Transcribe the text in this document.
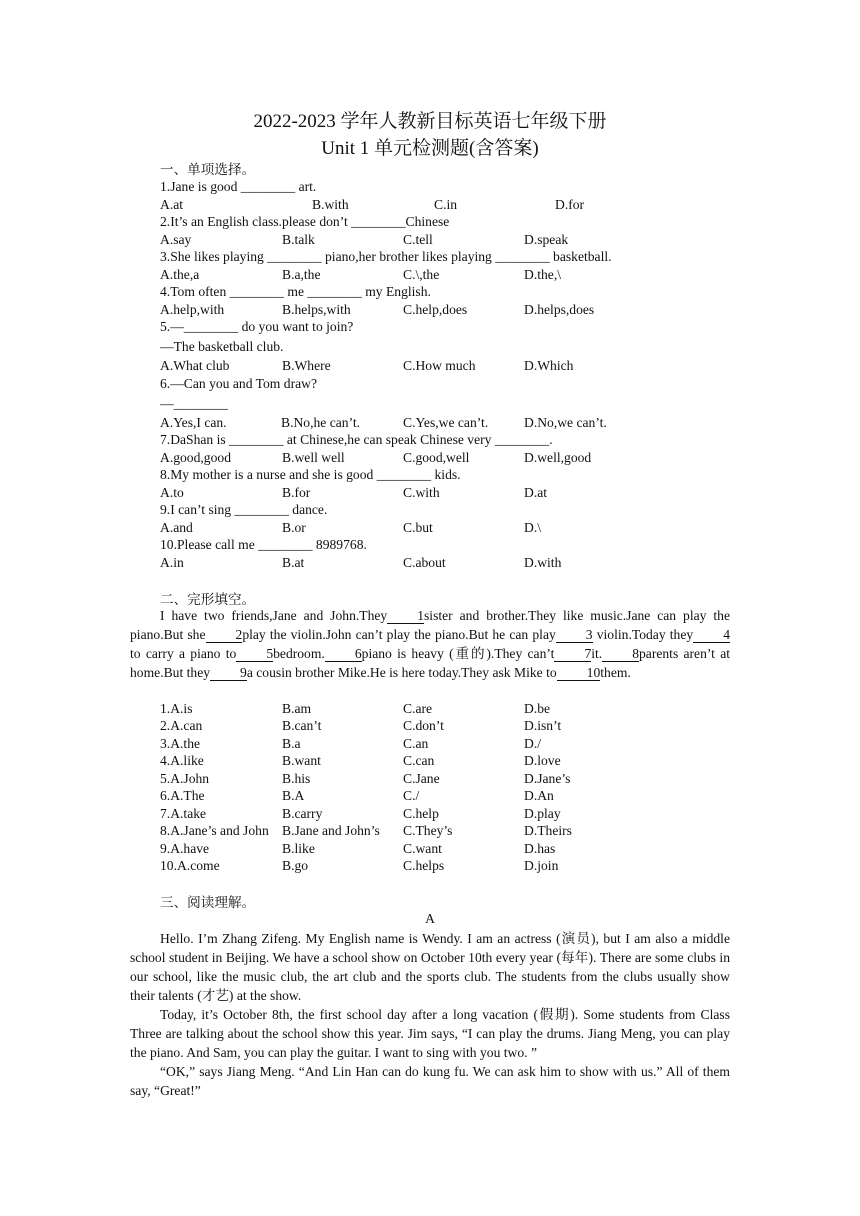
2022-2023 学年人教新目标英语七年级下册
Unit 1 单元检测题(含答案)
一、单项选择。
1.Jane is good ________ art.
A.at	B.with	C.in	D.for
2.It’s an English class.please don’t ________Chinese
A.say	B.talk	C.tell	D.speak
3.She likes playing ________ piano,her brother likes playing ________ basketball.
A.the,a	B.a,the	C.\,the	D.the,\
4.Tom often ________ me ________ my English.
A.help,with	B.helps,with	C.help,does	D.helps,does
5.—________ do you want to join?
—The basketball club.
A.What club	B.Where	C.How much	D.Which
6.—Can you and Tom draw?
—________
A.Yes,I can.	B.No,he can’t.	C.Yes,we can’t.	D.No,we can’t.
7.DaShan is ________ at Chinese,he can speak Chinese very ________.
A.good,good	B.well well	C.good,well	D.well,good
8.My mother is a nurse and she is good ________ kids.
A.to	B.for	C.with	D.at
9.I can’t sing ________ dance.
A.and	B.or	C.but	D.\
10.Please call me ________ 8989768.
A.in	B.at	C.about	D.with
二、完形填空。
I have two friends,Jane and John.They 1sister and brother.They like music.Jane can play the piano.But she 2play the violin.John can’t play the piano.But he can play 3 violin.Today they 4to carry a piano to 5bedroom. 6piano is heavy (重的).They can’t 7it. 8parents aren’t at home.But they 9a cousin brother Mike.He is here today.They ask Mike to 10them.
1.A.is	B.am	C.are	D.be
2.A.can	B.can’t	C.don’t	D.isn’t
3.A.the	B.a	C.an	D./
4.A.like	B.want	C.can	D.love
5.A.John	B.his	C.Jane	D.Jane’s
6.A.The	B.A	C./	D.An
7.A.take	B.carry	C.help	D.play
8.A.Jane’s and John B.Jane and John’s C.They’s	D.Theirs
9.A.have	B.like	C.want	D.has
10.A.come	B.go	C.helps	D.join
三、阅读理解。
A
Hello. I’m Zhang Zifeng. My English name is Wendy. I am an actress (演员), but I am also a middle school student in Beijing. We have a school show on October 10th every year (每年). There are some clubs in our school, like the music club, the art club and the sports club. The students from the clubs usually show their talents (才艺) at the show.
Today, it’s October 8th, the first school day after a long vacation (假期). Some students from Class Three are talking about the school show this year. Jim says, “I can play the drums. Jiang Meng, you can play the piano. And Sam, you can play the guitar. I want to sing with you two. ”
“OK,” says Jiang Meng. “And Lin Han can do kung fu. We can ask him to show with us.” All of them say, “Great!”
